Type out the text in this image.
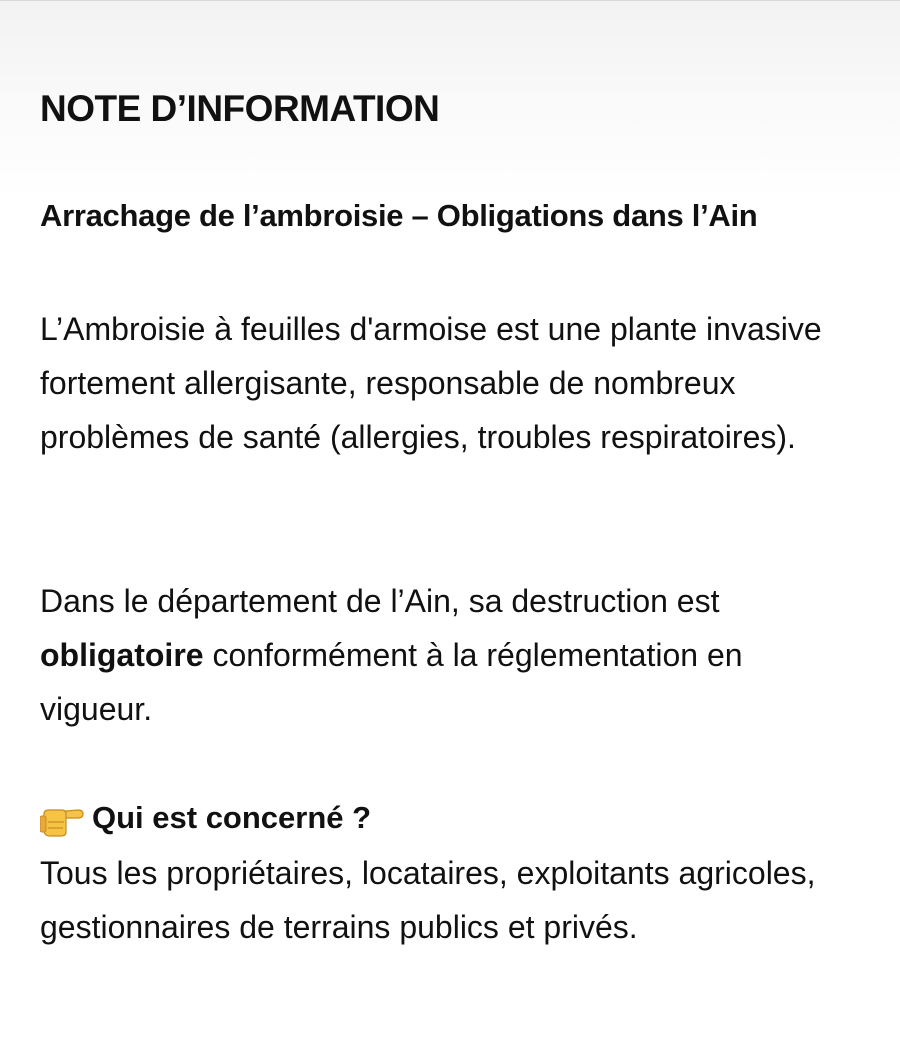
NOTE D’INFORMATION
Arrachage de l’ambroisie – Obligations dans l’Ain

L’Ambroisie à feuilles d'armoise est une plante invasive fortement allergisante, responsable de nombreux problèmes de santé (allergies, troubles respiratoires).

Dans le département de l’Ain, sa destruction est obligatoire conformément à la réglementation en vigueur.

Qui est concerné ?

Tous les propriétaires, locataires, exploitants agricoles, gestionnaires de terrains publics et privés.
